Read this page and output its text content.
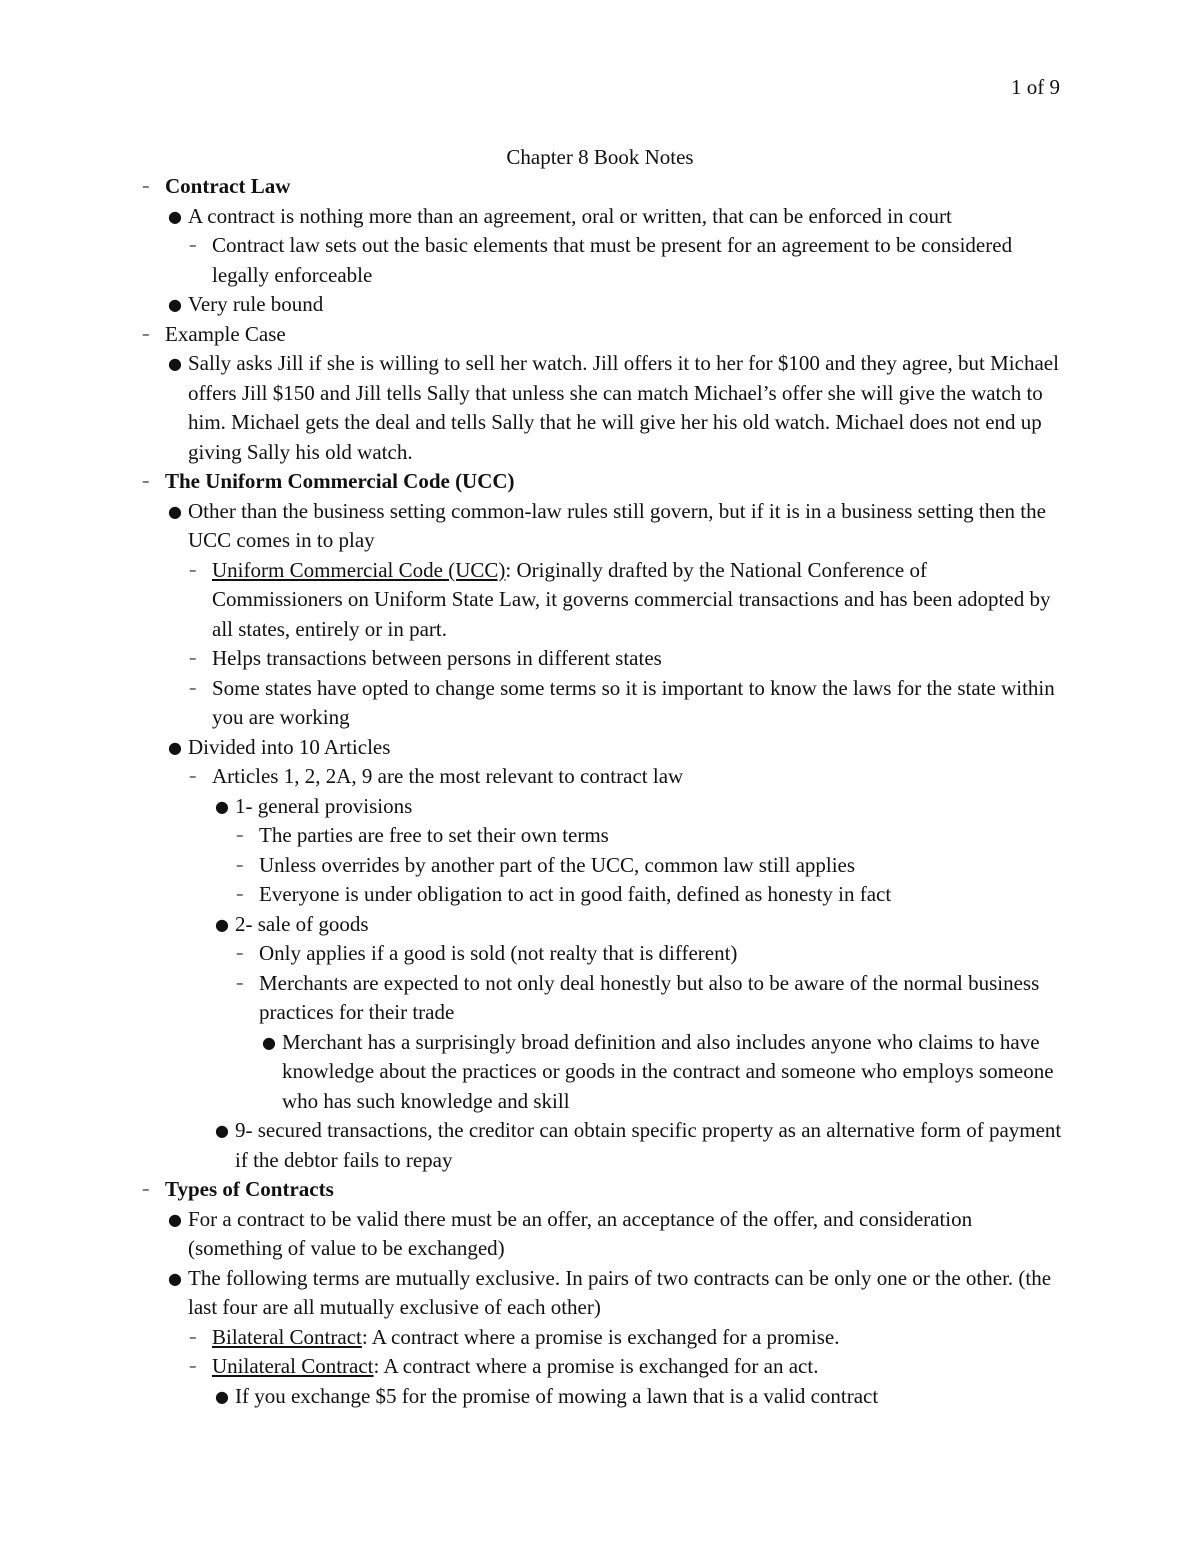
1 of 9
Chapter 8 Book Notes
– Contract Law
● A contract is nothing more than an agreement, oral or written, that can be enforced in court
– Contract law sets out the basic elements that must be present for an agreement to be considered legally enforceable
● Very rule bound
– Example Case
● Sally asks Jill if she is willing to sell her watch. Jill offers it to her for $100 and they agree, but Michael offers Jill $150 and Jill tells Sally that unless she can match Michael’s offer she will give the watch to him. Michael gets the deal and tells Sally that he will give her his old watch. Michael does not end up giving Sally his old watch.
– The Uniform Commercial Code (UCC)
● Other than the business setting common-law rules still govern, but if it is in a business setting then the UCC comes in to play
– Uniform Commercial Code (UCC): Originally drafted by the National Conference of Commissioners on Uniform State Law, it governs commercial transactions and has been adopted by all states, entirely or in part.
– Helps transactions between persons in different states
– Some states have opted to change some terms so it is important to know the laws for the state within you are working
● Divided into 10 Articles
– Articles 1, 2, 2A, 9 are the most relevant to contract law
● 1- general provisions
– The parties are free to set their own terms
– Unless overrides by another part of the UCC, common law still applies
– Everyone is under obligation to act in good faith, defined as honesty in fact
● 2- sale of goods
– Only applies if a good is sold (not realty that is different)
– Merchants are expected to not only deal honestly but also to be aware of the normal business practices for their trade
● Merchant has a surprisingly broad definition and also includes anyone who claims to have knowledge about the practices or goods in the contract and someone who employs someone who has such knowledge and skill
● 9- secured transactions, the creditor can obtain specific property as an alternative form of payment if the debtor fails to repay
– Types of Contracts
● For a contract to be valid there must be an offer, an acceptance of the offer, and consideration (something of value to be exchanged)
● The following terms are mutually exclusive. In pairs of two contracts can be only one or the other. (the last four are all mutually exclusive of each other)
– Bilateral Contract: A contract where a promise is exchanged for a promise.
– Unilateral Contract: A contract where a promise is exchanged for an act.
● If you exchange $5 for the promise of mowing a lawn that is a valid contract
